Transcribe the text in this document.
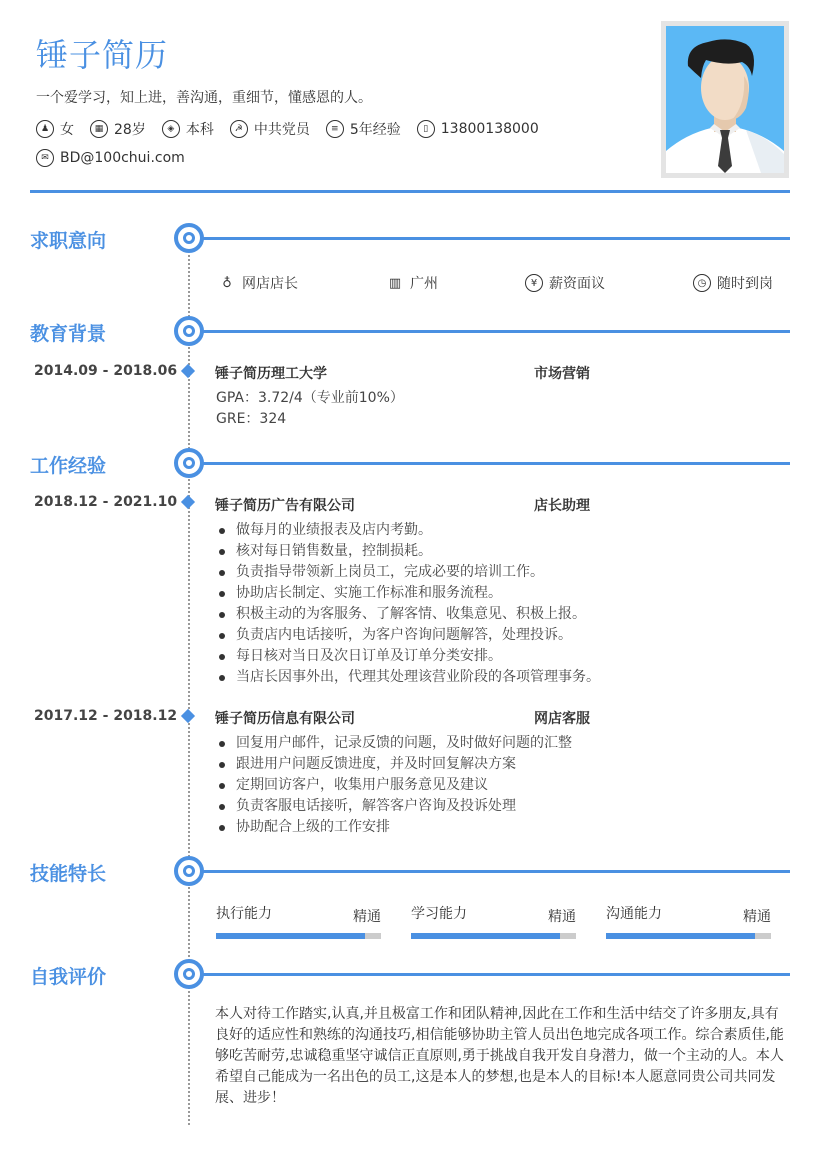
锤子简历
一个爱学习，知上进，善沟通，重细节，懂感恩的人。
♟ 女	▦ 28岁	◈ 本科	☭ 中共党员	≡ 5年经验	▯ 13800138000
✉ BD@100chui.com
求职意向
♁ 网店店长	▥ 广州	¥ 薪资面议	◷ 随时到岗
教育背景
2014.09 - 2018.06	锤子简历理工大学	市场营销
GPA：3.72/4（专业前10%）
GRE：324
工作经验
2018.12 - 2021.10	锤子简历广告有限公司	店长助理
做每月的业绩报表及店内考勤。
核对每日销售数量，控制损耗。
负责指导带领新上岗员工，完成必要的培训工作。
协助店长制定、实施工作标准和服务流程。
积极主动的为客服务、了解客情、收集意见、积极上报。
负责店内电话接听，为客户咨询问题解答，处理投诉。
每日核对当日及次日订单及订单分类安排。
当店长因事外出，代理其处理该营业阶段的各项管理事务。
2017.12 - 2018.12	锤子简历信息有限公司	网店客服
回复用户邮件，记录反馈的问题，及时做好问题的汇整
跟进用户问题反馈进度，并及时回复解决方案
定期回访客户，收集用户服务意见及建议
负责客服电话接听，解答客户咨询及投诉处理
协助配合上级的工作安排
技能特长
执行能力	精通 学习能力	精通 沟通能力	精通
自我评价
本人对待工作踏实,认真,并且极富工作和团队精神,因此在工作和生活中结交了许多朋友,具有良好的适应性和熟练的沟通技巧,相信能够协助主管人员出色地完成各项工作。综合素质佳,能够吃苦耐劳,忠诚稳重坚守诚信正直原则,勇于挑战自我开发自身潜力，做一个主动的人。本人希望自己能成为一名出色的员工,这是本人的梦想,也是本人的目标!本人愿意同贵公司共同发展、进步！
